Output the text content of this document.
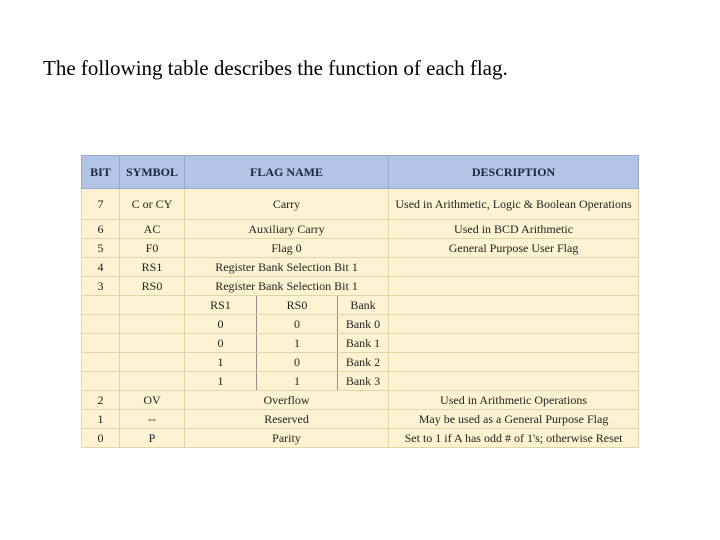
The following table describes the function of each flag.
BIT	SYMBOL	FLAG NAME			DESCRIPTION
7	C or CY	Carry			Used in Arithmetic, Logic & Boolean Operations
6	AC	Auxiliary Carry			Used in BCD Arithmetic
5	F0	Flag 0			General Purpose User Flag
4	RS1	Register Bank Selection Bit 1			
3	RS0	Register Bank Selection Bit 1			
		RS1	RS0	Bank	
		0	0	Bank 0	
		0	1	Bank 1	
		1	0	Bank 2	
		1	1	Bank 3	
2	OV	Overflow			Used in Arithmetic Operations
1	--	Reserved			May be used as a General Purpose Flag
0	P	Parity			Set to 1 if A has odd # of 1's; otherwise Reset
